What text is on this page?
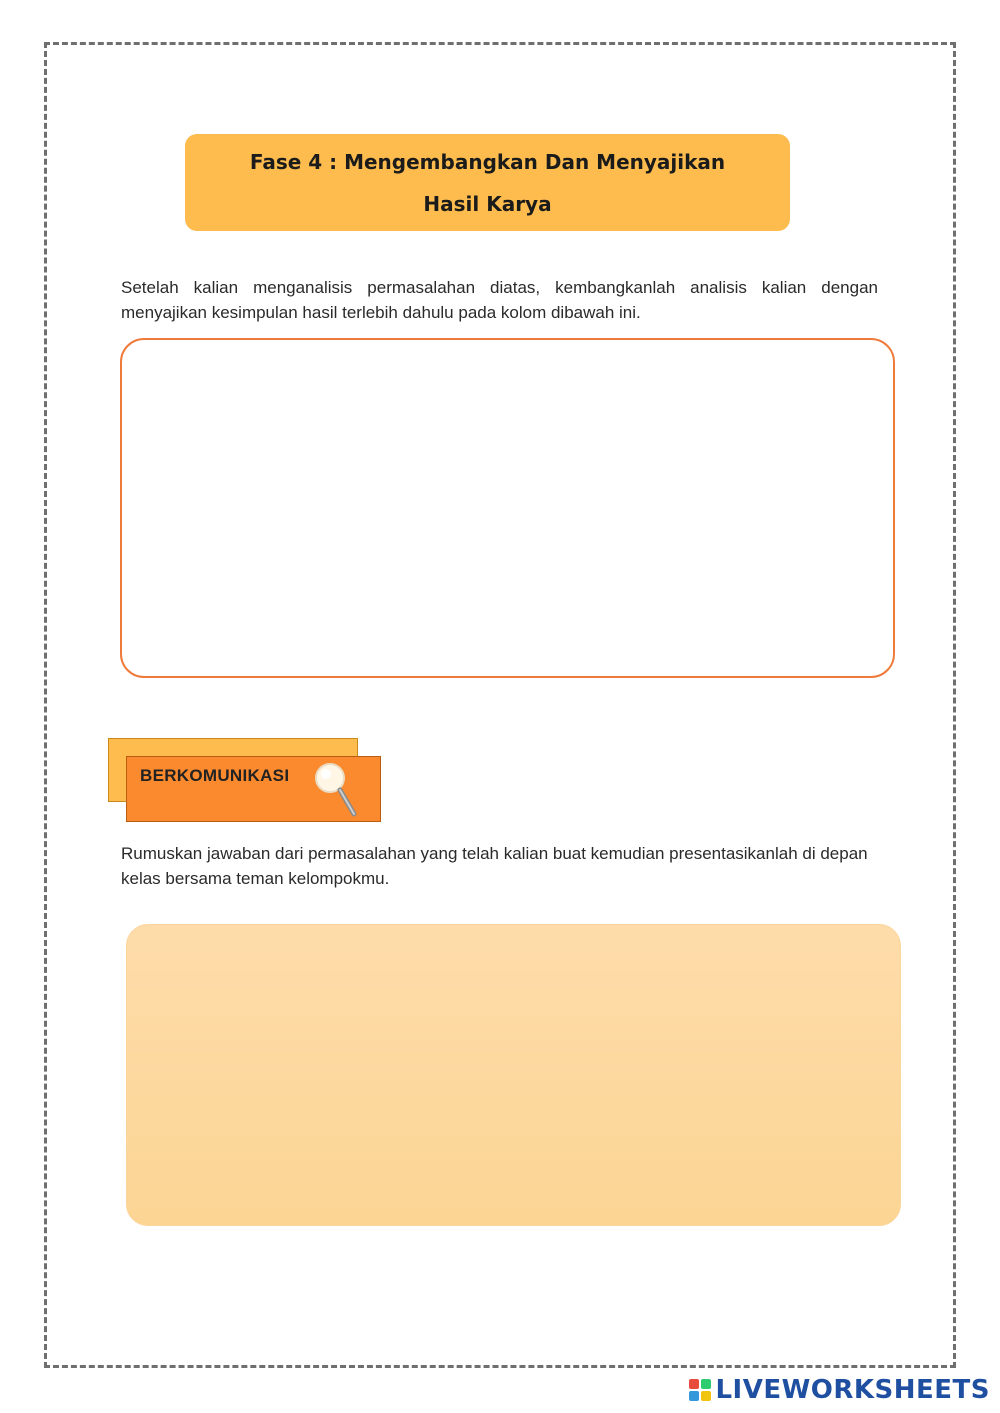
Fase 4 : Mengembangkan Dan Menyajikan
Hasil Karya

Setelah kalian menganalisis permasalahan diatas, kembangkanlah analisis kalian dengan menyajikan kesimpulan hasil terlebih dahulu pada kolom dibawah ini.

BERKOMUNIKASI

Rumuskan jawaban dari permasalahan yang telah kalian buat kemudian presentasikanlah di depan kelas bersama teman kelompokmu.

LIVEWORKSHEETS
